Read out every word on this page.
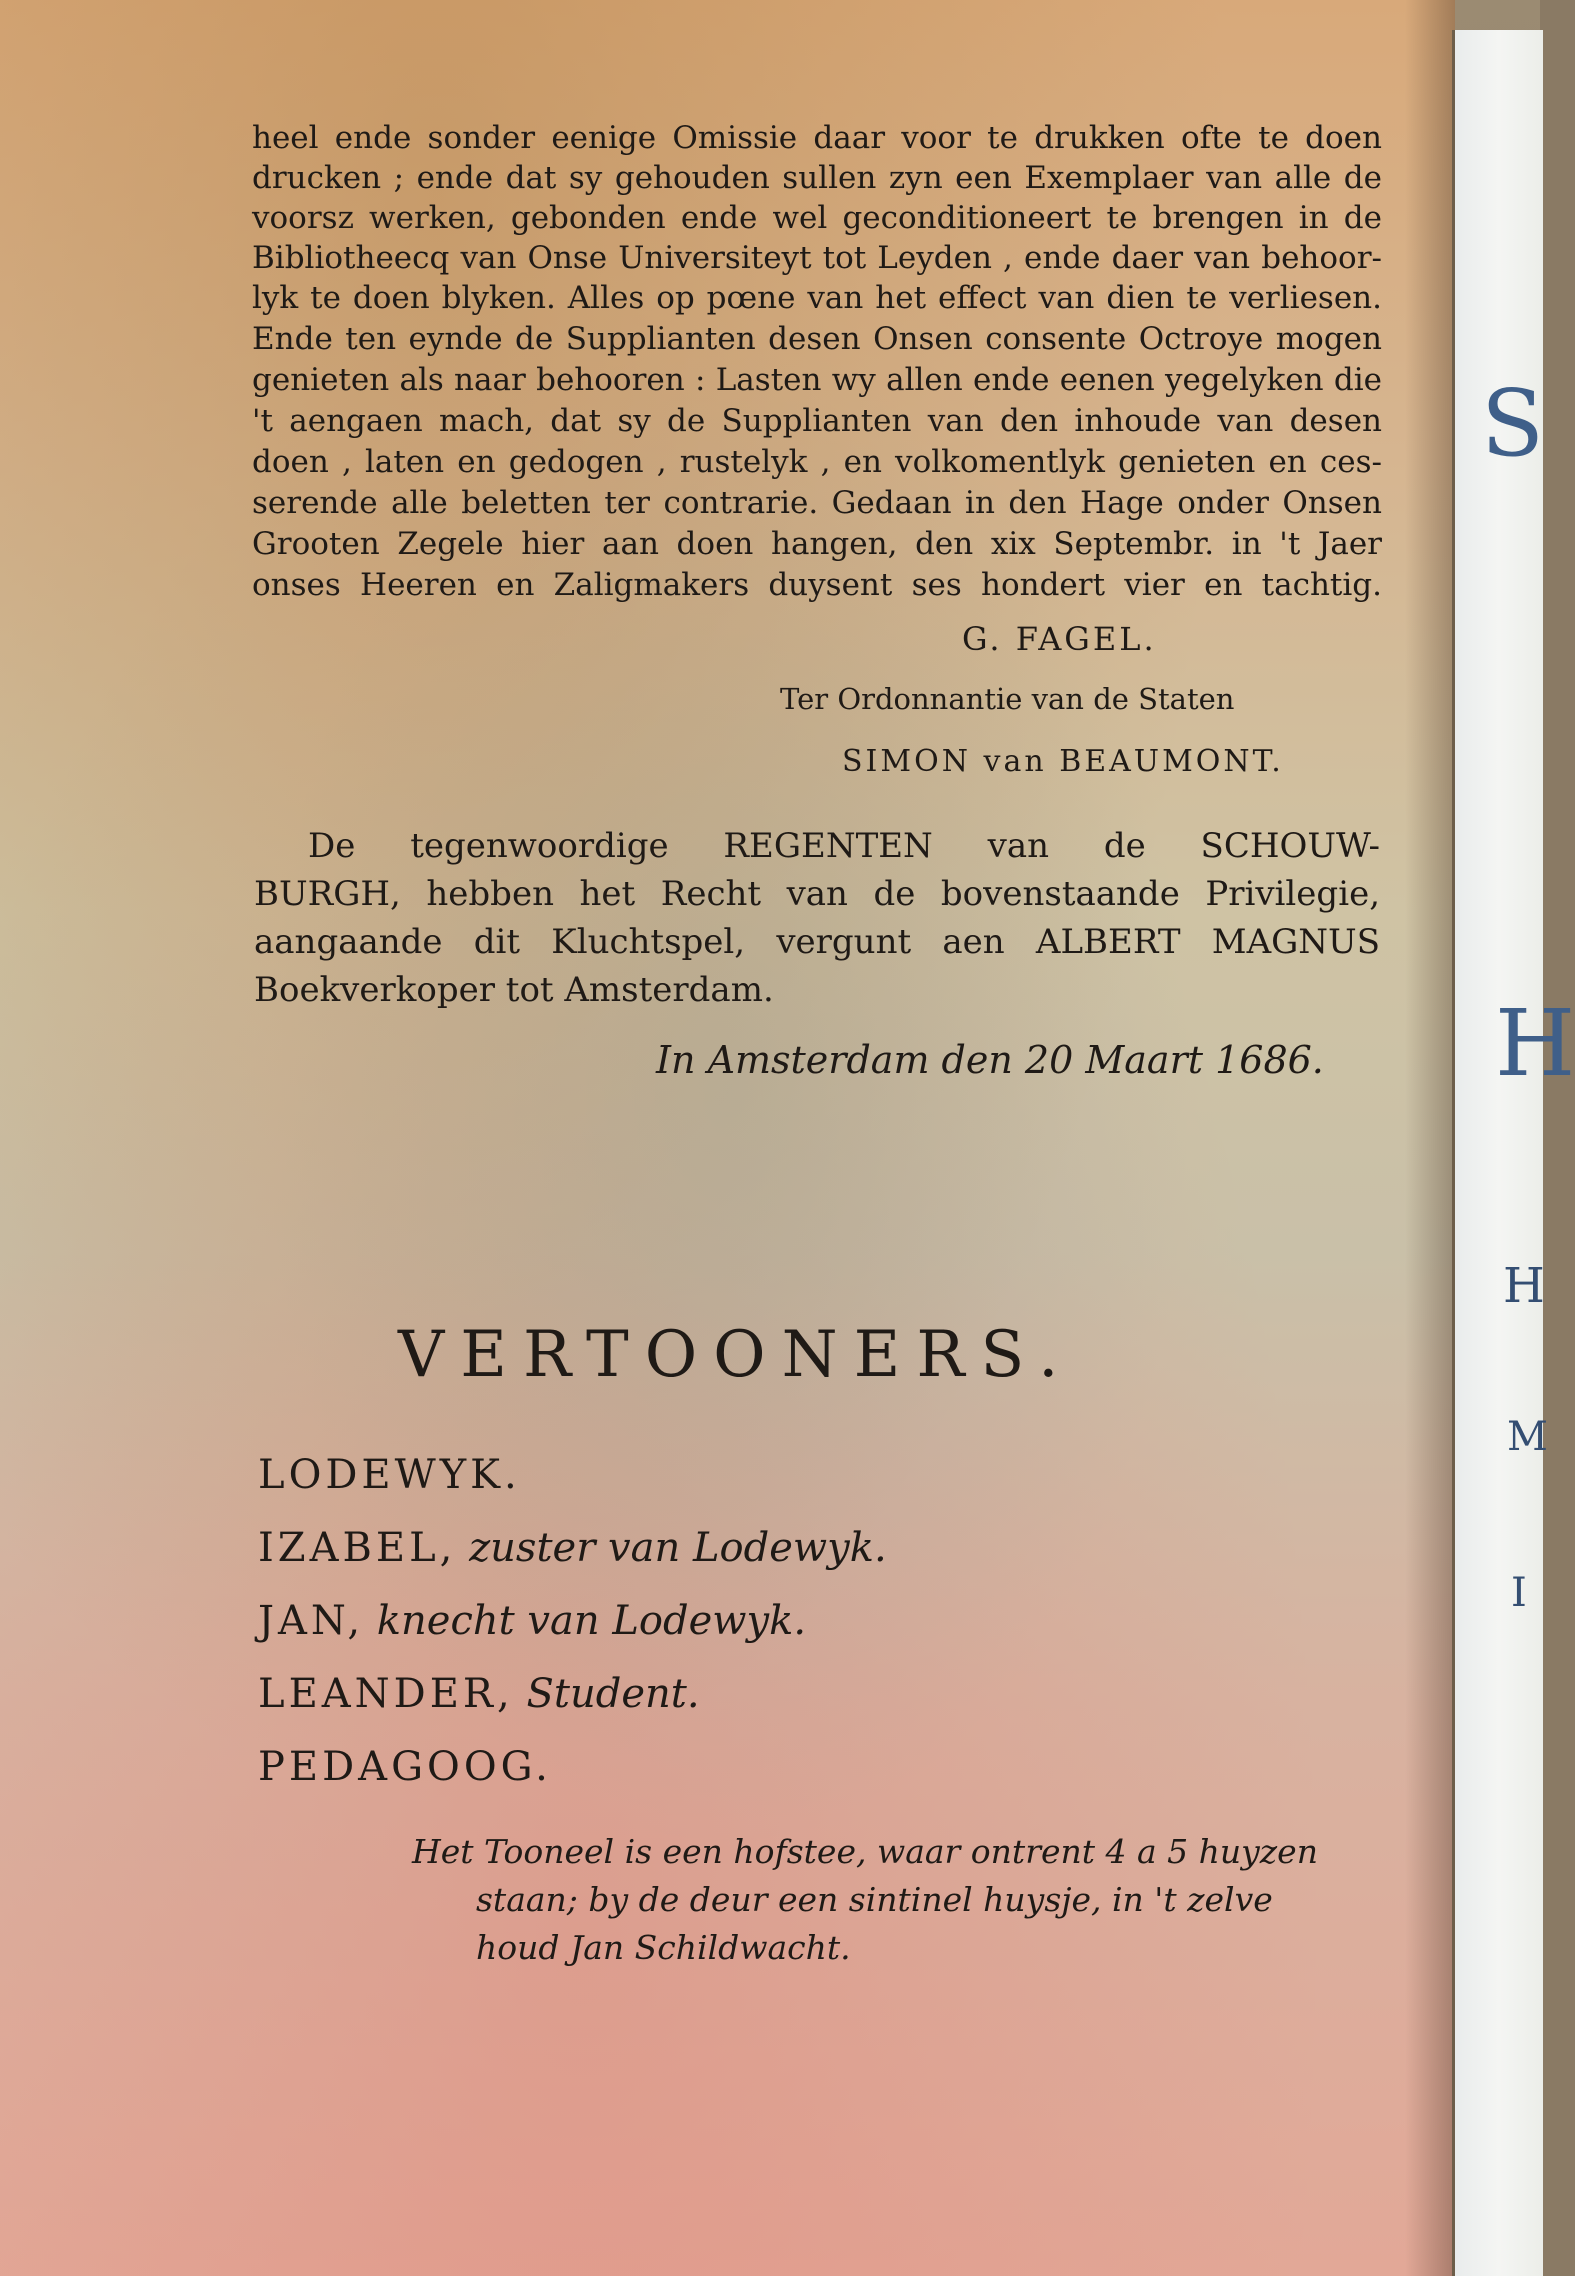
heel ende sonder eenige Omissie daar voor te drukken ofte te doen
drucken ; ende dat sy gehouden sullen zyn een Exemplaer van alle de
voorsz werken, gebonden ende wel geconditioneert te brengen in de
Bibliotheecq van Onse Universiteyt tot Leyden , ende daer van behoor-
lyk te doen blyken. Alles op pœne van het effect van dien te verliesen.
Ende ten eynde de Supplianten desen Onsen consente Octroye mogen
genieten als naar behooren : Lasten wy allen ende eenen yegelyken die
't aengaen mach, dat sy de Supplianten van den inhoude van desen
doen , laten en gedogen , rustelyk , en volkomentlyk genieten en ces-
serende alle beletten ter contrarie. Gedaan in den Hage onder Onsen
Grooten Zegele hier aan doen hangen, den xix Septembr. in 't Jaer
onses Heeren en Zaligmakers duysent ses hondert vier en tachtig.
G. FAGEL.
Ter Ordonnantie van de Staten
SIMON van BEAUMONT.
De tegenwoordige REGENTEN van de SCHOUW-
BURGH, hebben het Recht van de bovenstaande Privilegie,
aangaande dit Kluchtspel, vergunt aen ALBERT MAGNUS
Boekverkoper tot Amsterdam.
In Amsterdam den 20 Maart 1686.
VERTOONERS.
LODEWYK.
IZABEL, zuster van Lodewyk.
JAN, knecht van Lodewyk.
LEANDER, Student.
PEDAGOOG.
Het Tooneel is een hofstee, waar ontrent 4 a 5 huyzen
staan; by de deur een sintinel huysje, in 't zelve
houd Jan Schildwacht.
S
H
H
M
I
